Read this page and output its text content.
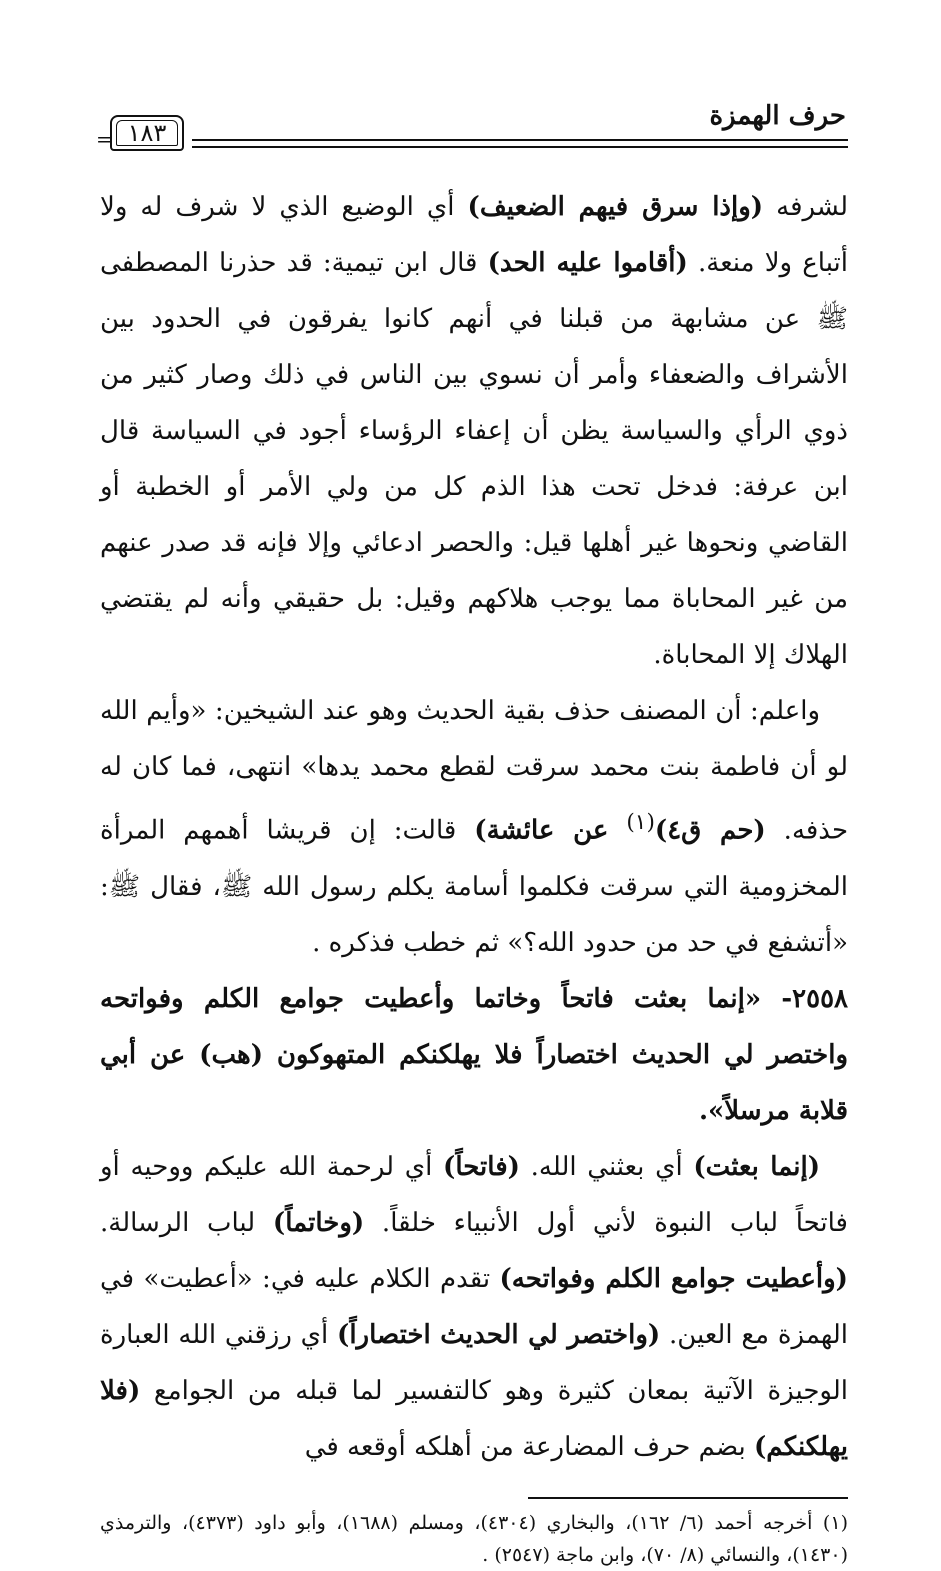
حرف الهمزة
١٨٣
=

لشرفه (وإذا سرق فيهم الضعيف) أي الوضيع الذي لا شرف له ولا أتباع ولا منعة. (أقاموا عليه الحد) قال ابن تيمية: قد حذرنا المصطفى ﷺ عن مشابهة من قبلنا في أنهم كانوا يفرقون في الحدود بين الأشراف والضعفاء وأمر أن نسوي بين الناس في ذلك وصار كثير من ذوي الرأي والسياسة يظن أن إعفاء الرؤساء أجود في السياسة قال ابن عرفة: فدخل تحت هذا الذم كل من ولي الأمر أو الخطبة أو القاضي ونحوها غير أهلها قيل: والحصر ادعائي وإلا فإنه قد صدر عنهم من غير المحاباة مما يوجب هلاكهم وقيل: بل حقيقي وأنه لم يقتضي الهلاك إلا المحاباة.

واعلم: أن المصنف حذف بقية الحديث وهو عند الشيخين: «وأيم الله لو أن فاطمة بنت محمد سرقت لقطع محمد يدها» انتهى، فما كان له حذفه. (حم ق٤)$^{(١)}$ عن عائشة) قالت: إن قريشا أهمهم المرأة المخزومية التي سرقت فكلموا أسامة يكلم رسول الله ﷺ، فقال ﷺ: «أتشفع في حد من حدود الله؟» ثم خطب فذكره .

٢٥٥٨- «إنما بعثت فاتحاً وخاتما وأعطيت جوامع الكلم وفواتحه واختصر لي الحديث اختصاراً فلا يهلكنكم المتهوكون (هب) عن أبي قلابة مرسلاً».

(إنما بعثت) أي بعثني الله. (فاتحاً) أي لرحمة الله عليكم ووحيه أو فاتحاً لباب النبوة لأني أول الأنبياء خلقاً. (وخاتماً) لباب الرسالة. (وأعطيت جوامع الكلم وفواتحه) تقدم الكلام عليه في: «أعطيت» في الهمزة مع العين. (واختصر لي الحديث اختصاراً) أي رزقني الله العبارة الوجيزة الآتية بمعان كثيرة وهو كالتفسير لما قبله من الجوامع (فلا يهلكنكم) بضم حرف المضارعة من أهلكه أوقعه في

(١) أخرجه أحمد (٦/ ١٦٢)، والبخاري (٤٣٠٤)، ومسلم (١٦٨٨)، وأبو داود (٤٣٧٣)، والترمذي (١٤٣٠)، والنسائي (٨/ ٧٠)، وابن ماجة (٢٥٤٧) .
